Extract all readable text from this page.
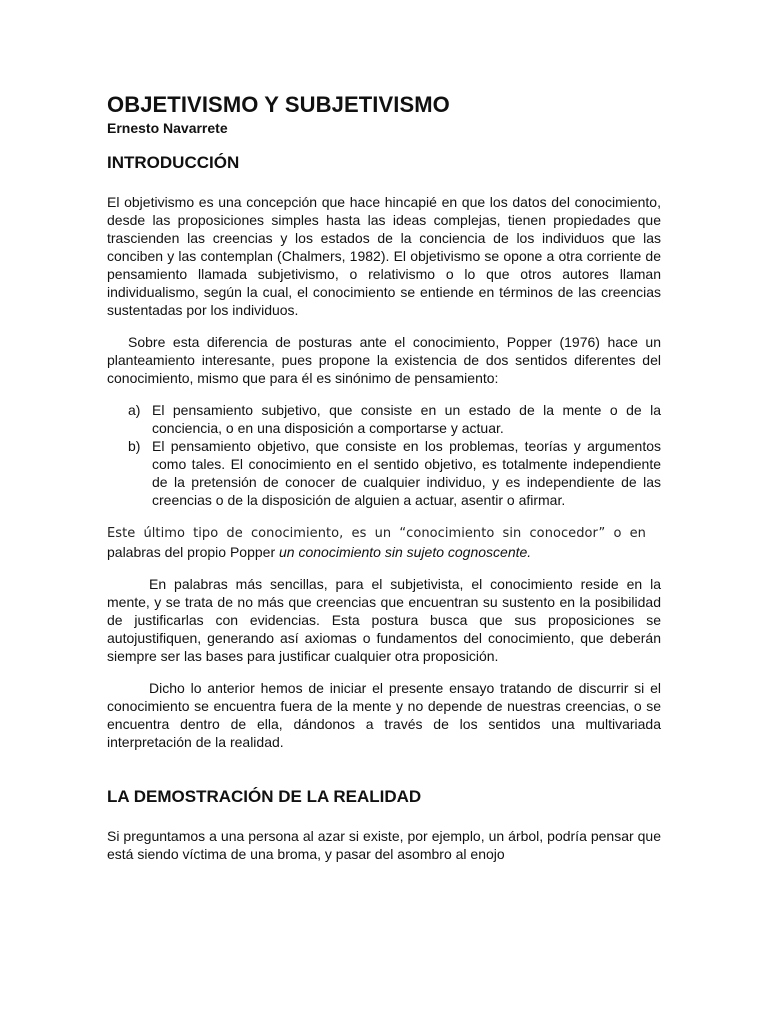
OBJETIVISMO Y SUBJETIVISMO
Ernesto Navarrete
INTRODUCCIÓN

El objetivismo es una concepción que hace hincapié en que los datos del conocimiento, desde las proposiciones simples hasta las ideas complejas, tienen propiedades que trascienden las creencias y los estados de la conciencia de los individuos que las conciben y las contemplan (Chalmers, 1982). El objetivismo se opone a otra corriente de pensamiento llamada subjetivismo, o relativismo o lo que otros autores llaman individualismo, según la cual, el conocimiento se entiende en términos de las creencias sustentadas por los individuos.

Sobre esta diferencia de posturas ante el conocimiento, Popper (1976) hace un planteamiento interesante, pues propone la existencia de dos sentidos diferentes del conocimiento, mismo que para él es sinónimo de pensamiento:

a) El pensamiento subjetivo, que consiste en un estado de la mente o de la conciencia, o en una disposición a comportarse y actuar.
b) El pensamiento objetivo, que consiste en los problemas, teorías y argumentos como tales. El conocimiento en el sentido objetivo, es totalmente independiente de la pretensión de conocer de cualquier individuo, y es independiente de las creencias o de la disposición de alguien a actuar, asentir o afirmar.

Este último tipo de conocimiento, es un “conocimiento sin conocedor” o en
palabras del propio Popper un conocimiento sin sujeto cognoscente.

En palabras más sencillas, para el subjetivista, el conocimiento reside en la mente, y se trata de no más que creencias que encuentran su sustento en la posibilidad de justificarlas con evidencias. Esta postura busca que sus proposiciones se autojustifiquen, generando así axiomas o fundamentos del conocimiento, que deberán siempre ser las bases para justificar cualquier otra proposición.

Dicho lo anterior hemos de iniciar el presente ensayo tratando de discurrir si el conocimiento se encuentra fuera de la mente y no depende de nuestras creencias, o se encuentra dentro de ella, dándonos a través de los sentidos una multivariada interpretación de la realidad.

LA DEMOSTRACIÓN DE LA REALIDAD

Si preguntamos a una persona al azar si existe, por ejemplo, un árbol, podría pensar que está siendo víctima de una broma, y pasar del asombro al enojo
